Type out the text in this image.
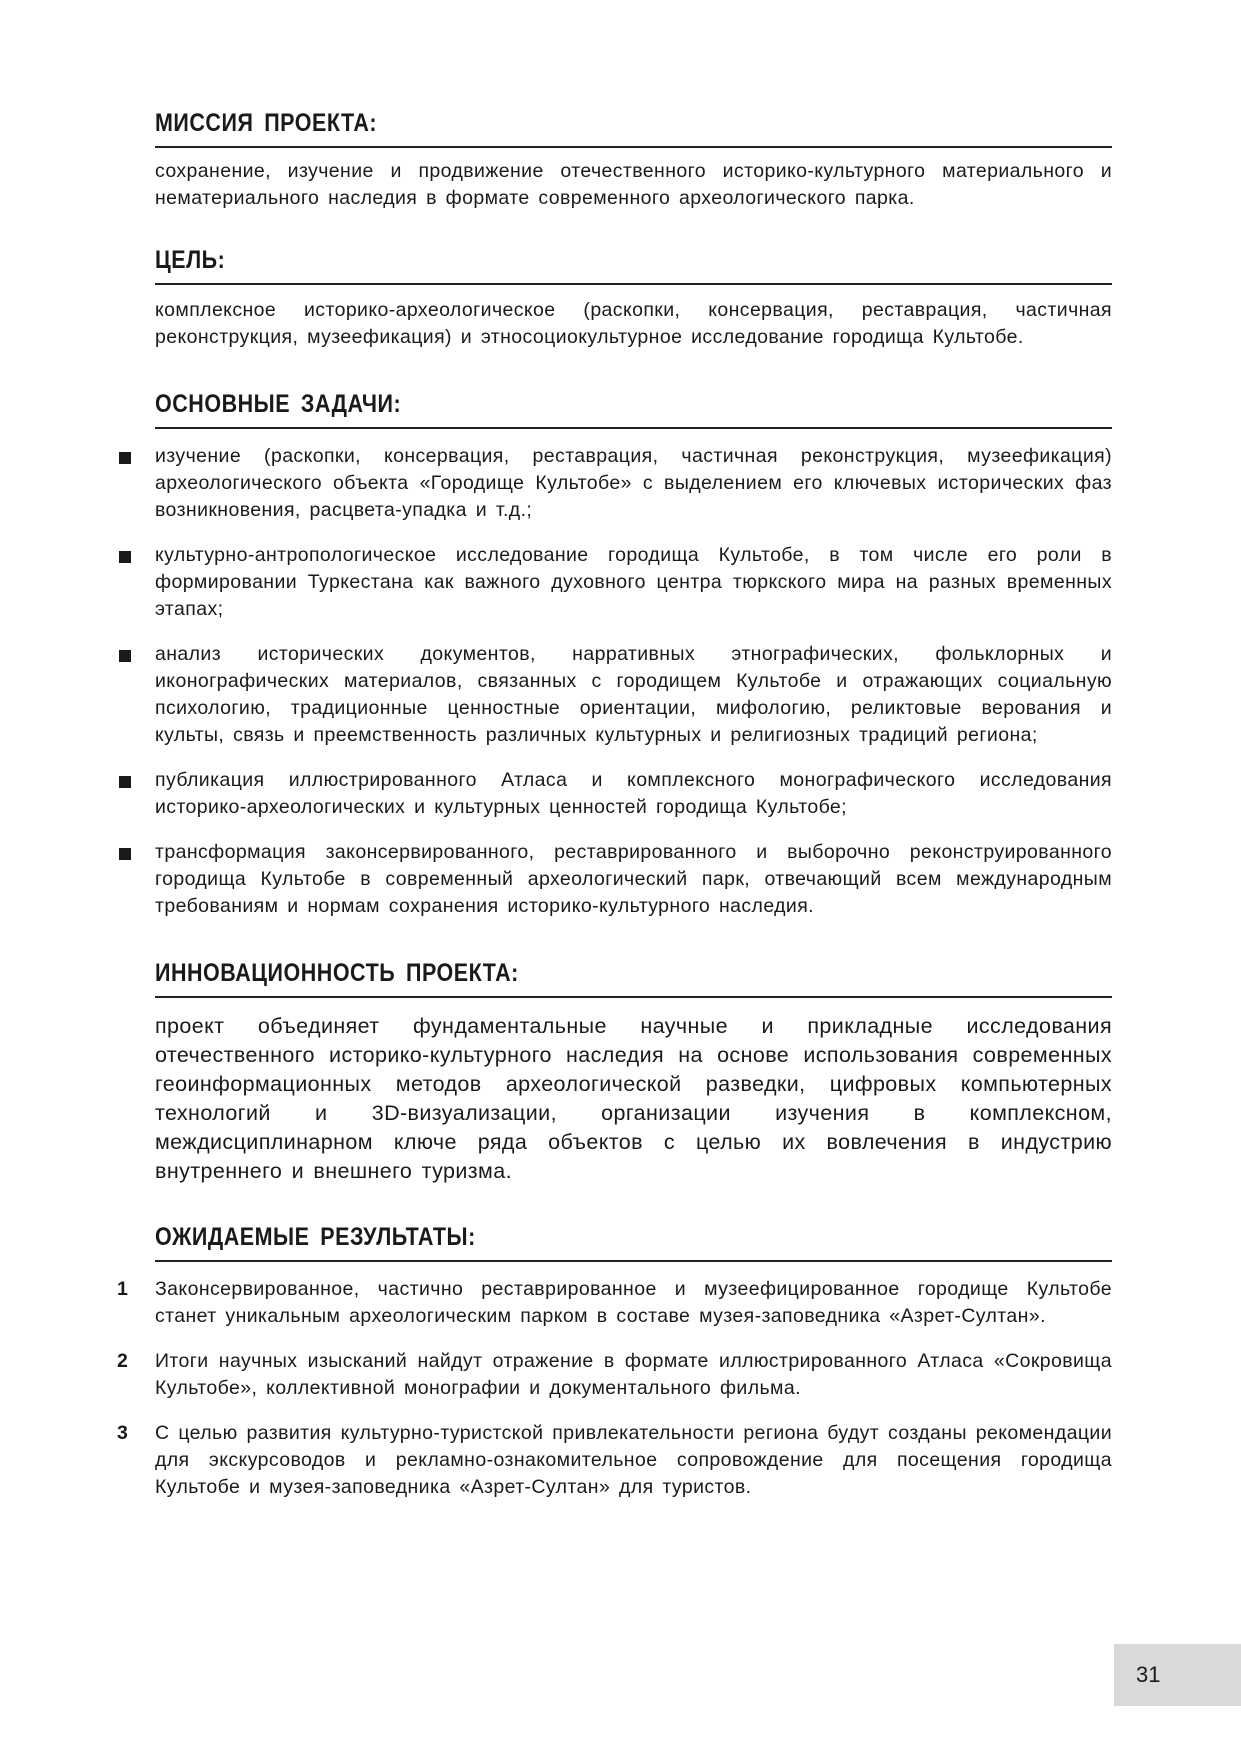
МИССИЯ ПРОЕКТА:

сохранение, изучение и продвижение отечественного историко-культурного материального и нематериального наследия в формате современного археологического парка.

ЦЕЛЬ:

комплексное историко-археологическое (раскопки, консервация, реставрация, частичная реконструкция, музеефикация) и этносоциокультурное исследование городища Культобе.

ОСНОВНЫЕ ЗАДАЧИ:
изучение (раскопки, консервация, реставрация, частичная реконструкция, музеефикация) археологического объекта «Городище Культобе» с выделением его ключевых исторических фаз возникновения, расцвета-упадка и т.д.;
культурно-антропологическое исследование городища Культобе, в том числе его роли в формировании Туркестана как важного духовного центра тюркского мира на разных временных этапах;
анализ исторических документов, нарративных этнографических, фольклорных и иконографических материалов, связанных с городищем Культобе и отражающих социальную психологию, традиционные ценностные ориентации, мифологию, реликтовые верования и культы, связь и преемственность различных культурных и религиозных традиций региона;
публикация иллюстрированного Атласа и комплексного монографического исследования историко-археологических и культурных ценностей городища Культобе;
трансформация законсервированного, реставрированного и выборочно реконструированного городища Культобе в современный археологический парк, отвечающий всем международным требованиям и нормам сохранения историко-культурного наследия.
ИННОВАЦИОННОСТЬ ПРОЕКТА:

проект объединяет фундаментальные научные и прикладные исследования отечественного историко-культурного наследия на основе использования современных геоинформационных методов археологической разведки, цифровых компьютерных технологий и 3D-визуализации, организации изучения в комплексном, междисциплинарном ключе ряда объектов с целью их вовлечения в индустрию внутреннего и внешнего туризма.

ОЖИДАЕМЫЕ РЕЗУЛЬТАТЫ:
1 Законсервированное, частично реставрированное и музеефицированное городище Культобе станет уникальным археологическим парком в составе музея-заповедника «Азрет-Султан».
2 Итоги научных изысканий найдут отражение в формате иллюстрированного Атласа «Сокровища Культобе», коллективной монографии и документального фильма.
3 С целью развития культурно-туристской привлекательности региона будут созданы рекомендации для экскурсоводов и рекламно-ознакомительное сопровождение для посещения городища Культобе и музея-заповедника «Азрет-Султан» для туристов.
31
